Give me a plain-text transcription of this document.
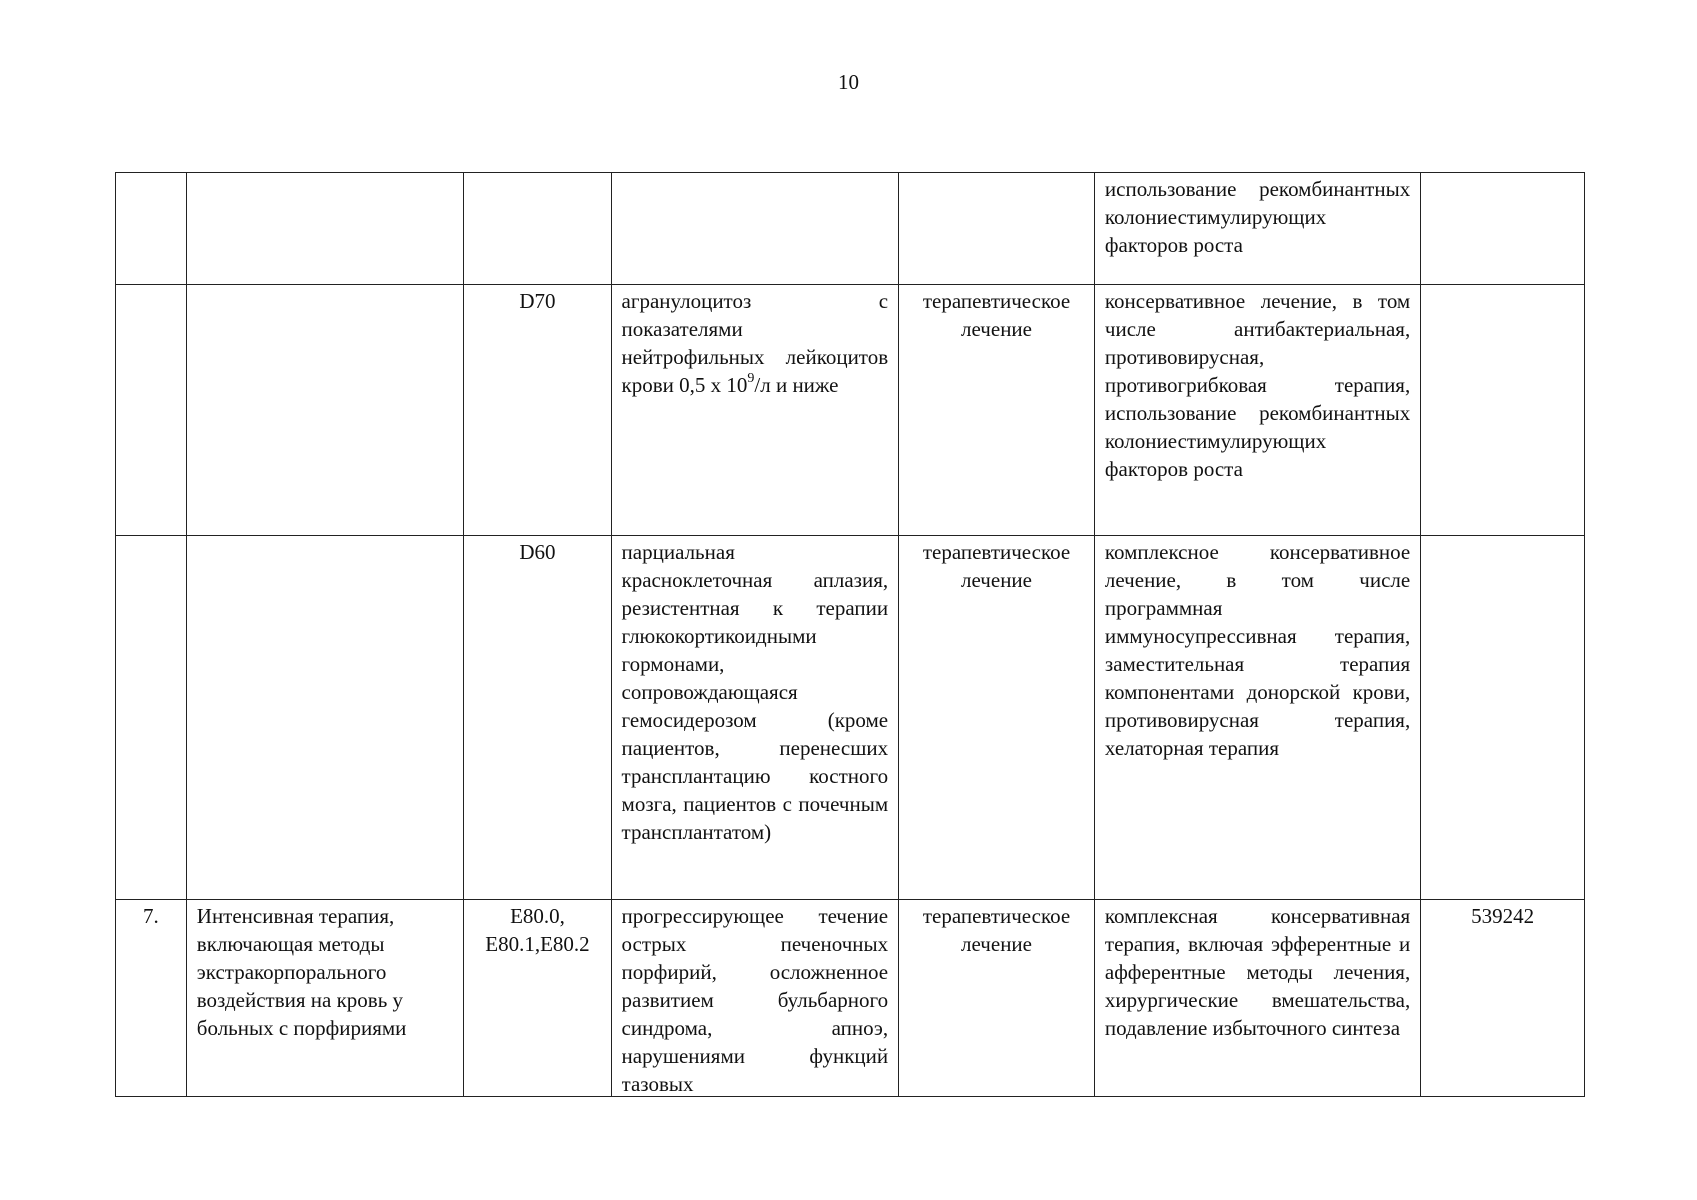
10
					использование рекомбинантных колониестимулирующих факторов роста	
		D70	агранулоцитоз с показателями нейтрофильных лейкоцитов крови 0,5 х $10^9/л$ и ниже	терапевтическое лечение	консервативное лечение, в том числе антибактериальная, противовирусная, противогрибковая терапия, использование рекомбинантных колониестимулирующих факторов роста	
		D60	парциальная красноклеточная аплазия, резистентная к терапии глюкокортикоидными гормонами, сопровождающаяся гемосидерозом (кроме пациентов, перенесших трансплантацию костного мозга, пациентов с почечным трансплантатом)	терапевтическое лечение	комплексное консервативное лечение, в том числе программная иммуносупрессивная терапия, заместительная терапия компонентами донорской крови, противовирусная терапия, хелаторная терапия	
7.	Интенсивная терапия, включающая методы экстракорпорального воздействия на кровь у больных с порфириями	E80.0, E80.1,E80.2	прогрессирующее течение острых печеночных порфирий, осложненное развитием бульбарного синдрома, апноэ, нарушениями функций тазовых	терапевтическое лечение	комплексная консервативная терапия, включая эфферентные и афферентные методы лечения, хирургические вмешательства, подавление избыточного синтеза	539242
